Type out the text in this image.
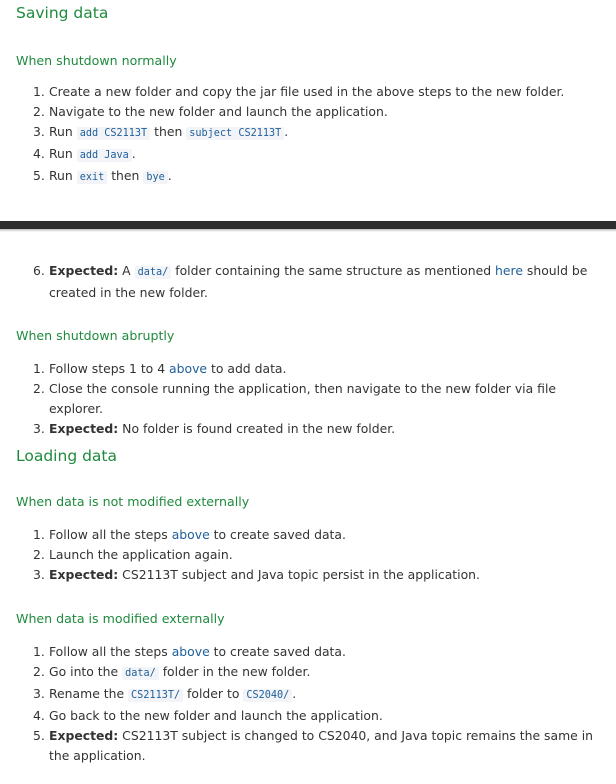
Saving data
When shutdown normally
1. Create a new folder and copy the jar file used in the above steps to the new folder.
2. Navigate to the new folder and launch the application.
3. Run add CS2113T then subject CS2113T .
4. Run add Java .
5. Run exit then bye .
6. Expected: A data/ folder containing the same structure as mentioned here should be created in the new folder.
When shutdown abruptly
1. Follow steps 1 to 4 above to add data.
2. Close the console running the application, then navigate to the new folder via file explorer.
3. Expected: No folder is found created in the new folder.
Loading data
When data is not modified externally
1. Follow all the steps above to create saved data.
2. Launch the application again.
3. Expected: CS2113T subject and Java topic persist in the application.
When data is modified externally
1. Follow all the steps above to create saved data.
2. Go into the data/ folder in the new folder.
3. Rename the CS2113T/ folder to CS2040/ .
4. Go back to the new folder and launch the application.
5. Expected: CS2113T subject is changed to CS2040, and Java topic remains the same in the application.
